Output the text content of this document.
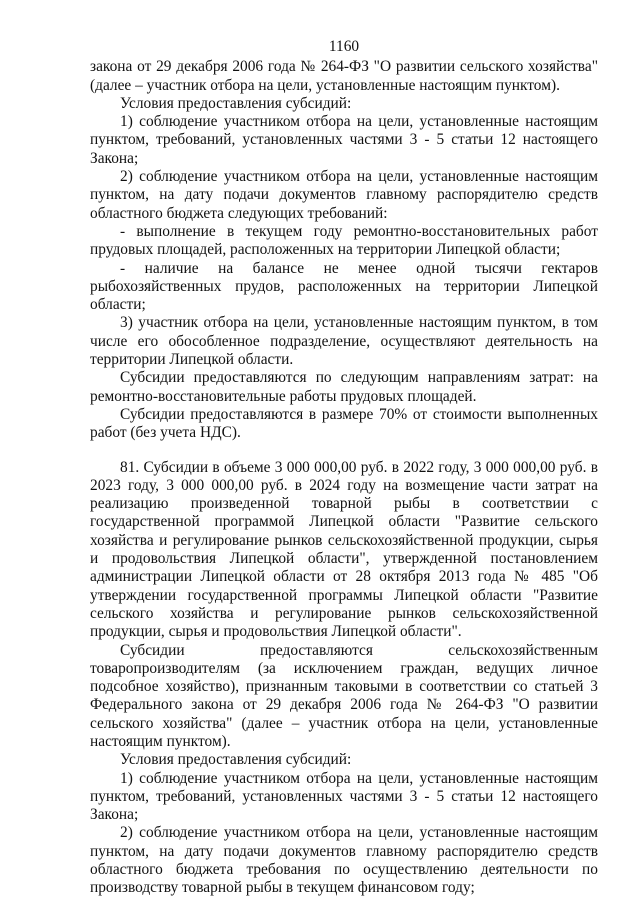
1160

закона от 29 декабря 2006 года № 264-ФЗ "О развитии сельского хозяйства" (далее – участник отбора на цели, установленные настоящим пунктом).

Условия предоставления субсидий:

1) соблюдение участником отбора на цели, установленные настоящим пунктом, требований, установленных частями 3 - 5 статьи 12 настоящего Закона;

2) соблюдение участником отбора на цели, установленные настоящим пунктом, на дату подачи документов главному распорядителю средств областного бюджета следующих требований:

- выполнение в текущем году ремонтно-восстановительных работ прудовых площадей, расположенных на территории Липецкой области;

- наличие на балансе не менее одной тысячи гектаров рыбохозяйственных прудов, расположенных на территории Липецкой области;

3) участник отбора на цели, установленные настоящим пунктом, в том числе его обособленное подразделение, осуществляют деятельность на территории Липецкой области.

Субсидии предоставляются по следующим направлениям затрат: на ремонтно-восстановительные работы прудовых площадей.

Субсидии предоставляются в размере 70% от стоимости выполненных работ (без учета НДС).

81. Субсидии в объеме 3 000 000,00 руб. в 2022 году, 3 000 000,00 руб. в 2023 году, 3 000 000,00 руб. в 2024 году на возмещение части затрат на реализацию произведенной товарной рыбы в соответствии с государственной программой Липецкой области "Развитие сельского хозяйства и регулирование рынков сельскохозяйственной продукции, сырья и продовольствия Липецкой области", утвержденной постановлением администрации Липецкой области от 28 октября 2013 года № 485 "Об утверждении государственной программы Липецкой области "Развитие сельского хозяйства и регулирование рынков сельскохозяйственной продукции, сырья и продовольствия Липецкой области".

Субсидии предоставляются сельскохозяйственным товаропроизводителям (за исключением граждан, ведущих личное подсобное хозяйство), признанным таковыми в соответствии со статьей 3 Федерального закона от 29 декабря 2006 года № 264-ФЗ "О развитии сельского хозяйства" (далее – участник отбора на цели, установленные настоящим пунктом).

Условия предоставления субсидий:

1) соблюдение участником отбора на цели, установленные настоящим пунктом, требований, установленных частями 3 - 5 статьи 12 настоящего Закона;

2) соблюдение участником отбора на цели, установленные настоящим пунктом, на дату подачи документов главному распорядителю средств областного бюджета требования по осуществлению деятельности по производству товарной рыбы в текущем финансовом году;
